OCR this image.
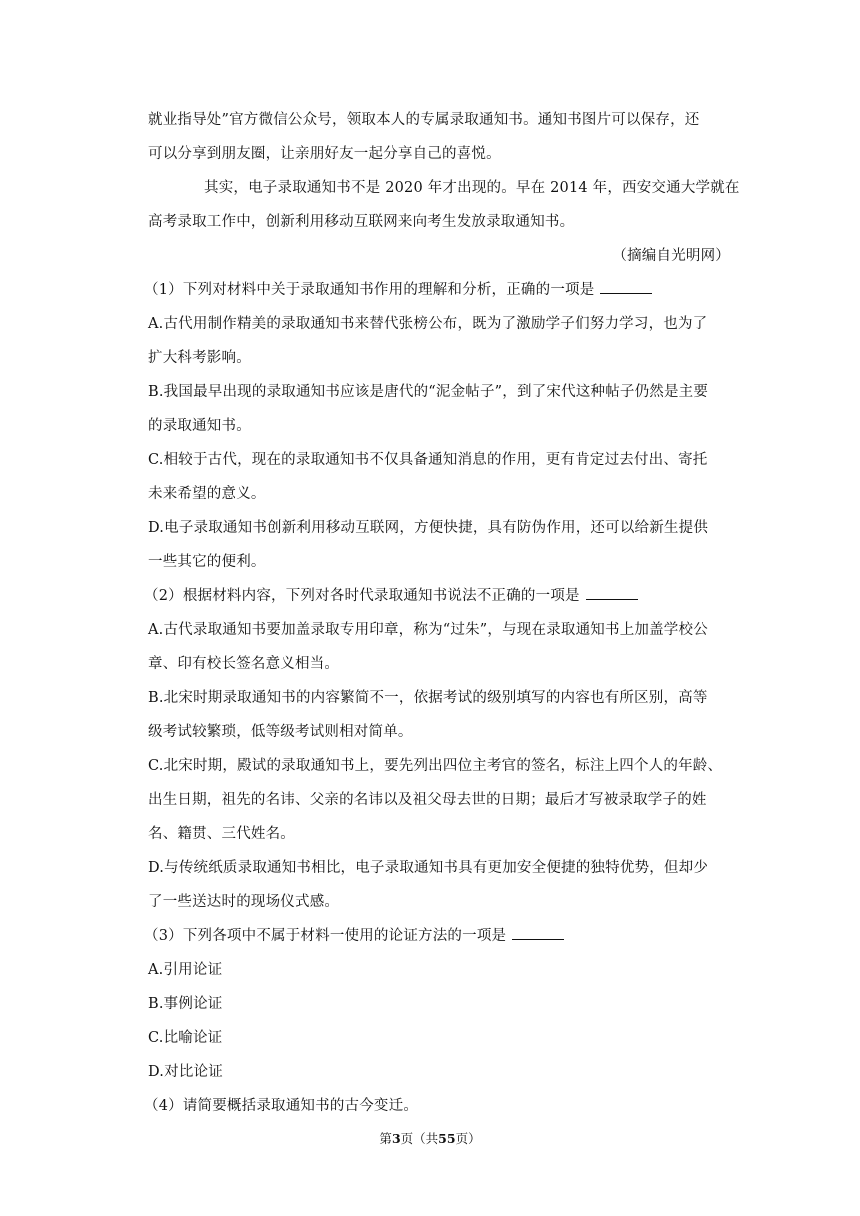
就业指导处”官方微信公众号，领取本人的专属录取通知书。通知书图片可以保存，还
可以分享到朋友圈，让亲朋好友一起分享自己的喜悦。
其实，电子录取通知书不是 2020 年才出现的。早在 2014 年，西安交通大学就在
高考录取工作中，创新利用移动互联网来向考生发放录取通知书。
（摘编自光明网）
（1）下列对材料中关于录取通知书作用的理解和分析，正确的一项是
A.古代用制作精美的录取通知书来替代张榜公布，既为了激励学子们努力学习，也为了
扩大科考影响。
B.我国最早出现的录取通知书应该是唐代的“泥金帖子”，到了宋代这种帖子仍然是主要
的录取通知书。
C.相较于古代，现在的录取通知书不仅具备通知消息的作用，更有肯定过去付出、寄托
未来希望的意义。
D.电子录取通知书创新利用移动互联网，方便快捷，具有防伪作用，还可以给新生提供
一些其它的便利。
（2）根据材料内容，下列对各时代录取通知书说法不正确的一项是
A.古代录取通知书要加盖录取专用印章，称为“过朱”，与现在录取通知书上加盖学校公
章、印有校长签名意义相当。
B.北宋时期录取通知书的内容繁简不一，依据考试的级别填写的内容也有所区别，高等
级考试较繁琐，低等级考试则相对简单。
C.北宋时期，殿试的录取通知书上，要先列出四位主考官的签名，标注上四个人的年龄、
出生日期，祖先的名讳、父亲的名讳以及祖父母去世的日期；最后才写被录取学子的姓
名、籍贯、三代姓名。
D.与传统纸质录取通知书相比，电子录取通知书具有更加安全便捷的独特优势，但却少
了一些送达时的现场仪式感。
（3）下列各项中不属于材料一使用的论证方法的一项是
A.引用论证
B.事例论证
C.比喻论证
D.对比论证
（4）请简要概括录取通知书的古今变迁。
第3页（共55页）
